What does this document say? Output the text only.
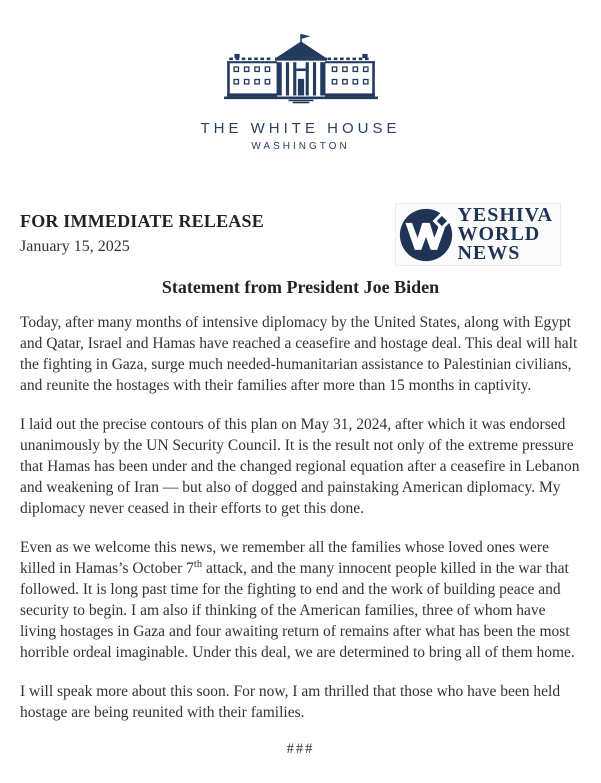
THE WHITE HOUSE
WASHINGTON
FOR IMMEDIATE RELEASE
January 15, 2025
YESHIVA
WORLD
NEWS
Statement from President Joe Biden

Today, after many months of intensive diplomacy by the United States, along with Egypt and Qatar, Israel and Hamas have reached a ceasefire and hostage deal. This deal will halt the fighting in Gaza, surge much needed-humanitarian assistance to Palestinian civilians, and reunite the hostages with their families after more than 15 months in captivity.

I laid out the precise contours of this plan on May 31, 2024, after which it was endorsed unanimously by the UN Security Council. It is the result not only of the extreme pressure that Hamas has been under and the changed regional equation after a ceasefire in Lebanon and weakening of Iran — but also of dogged and painstaking American diplomacy. My diplomacy never ceased in their efforts to get this done.

Even as we welcome this news, we remember all the families whose loved ones were killed in Hamas’s October 7th attack, and the many innocent people killed in the war that followed. It is long past time for the fighting to end and the work of building peace and security to begin. I am also if thinking of the American families, three of whom have living hostages in Gaza and four awaiting return of remains after what has been the most horrible ordeal imaginable. Under this deal, we are determined to bring all of them home.

I will speak more about this soon. For now, I am thrilled that those who have been held hostage are being reunited with their families.

###
